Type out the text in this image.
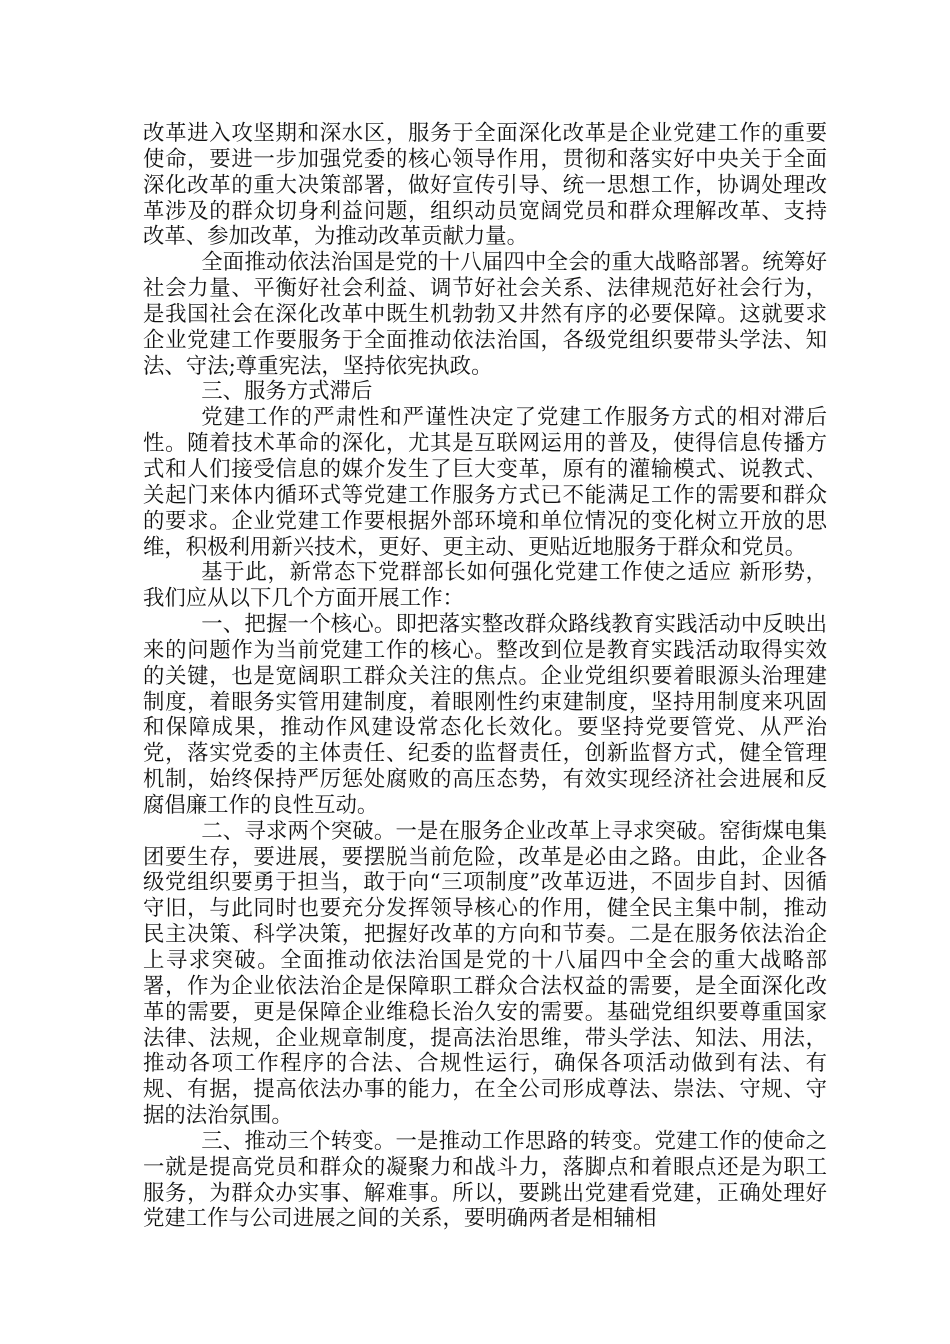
改革进入攻坚期和深水区，服务于全面深化改革是企业党建工作的重要使命，要进一步加强党委的核心领导作用，贯彻和落实好中央关于全面深化改革的重大决策部署，做好宣传引导、统一思想工作，协调处理改革涉及的群众切身利益问题，组织动员宽阔党员和群众理解改革、支持改革、参加改革，为推动改革贡献力量。

全面推动依法治国是党的十八届四中全会的重大战略部署。统筹好社会力量、平衡好社会利益、调节好社会关系、法律规范好社会行为，是我国社会在深化改革中既生机勃勃又井然有序的必要保障。这就要求企业党建工作要服务于全面推动依法治国，各级党组织要带头学法、知法、守法;尊重宪法，坚持依宪执政。

三、服务方式滞后

党建工作的严肃性和严谨性决定了党建工作服务方式的相对滞后性。随着技术革命的深化，尤其是互联网运用的普及，使得信息传播方式和人们接受信息的媒介发生了巨大变革，原有的灌输模式、说教式、关起门来体内循环式等党建工作服务方式已不能满足工作的需要和群众的要求。企业党建工作要根据外部环境和单位情况的变化树立开放的思维，积极利用新兴技术，更好、更主动、更贴近地服务于群众和党员。

基于此，新常态下党群部长如何强化党建工作使之适应 新形势，我们应从以下几个方面开展工作：

一、把握一个核心。即把落实整改群众路线教育实践活动中反映出来的问题作为当前党建工作的核心。整改到位是教育实践活动取得实效的关键，也是宽阔职工群众关注的焦点。企业党组织要着眼源头治理建制度，着眼务实管用建制度，着眼刚性约束建制度，坚持用制度来巩固和保障成果，推动作风建设常态化长效化。要坚持党要管党、从严治党，落实党委的主体责任、纪委的监督责任，创新监督方式，健全管理机制，始终保持严厉惩处腐败的高压态势，有效实现经济社会进展和反腐倡廉工作的良性互动。

二、寻求两个突破。一是在服务企业改革上寻求突破。窑街煤电集团要生存，要进展，要摆脱当前危险，改革是必由之路。由此，企业各级党组织要勇于担当，敢于向“三项制度”改革迈进，不固步自封、因循守旧，与此同时也要充分发挥领导核心的作用，健全民主集中制，推动民主决策、科学决策，把握好改革的方向和节奏。二是在服务依法治企上寻求突破。全面推动依法治国是党的十八届四中全会的重大战略部署，作为企业依法治企是保障职工群众合法权益的需要，是全面深化改革的需要，更是保障企业维稳长治久安的需要。基础党组织要尊重国家法律、法规，企业规章制度，提高法治思维，带头学法、知法、用法，推动各项工作程序的合法、合规性运行，确保各项活动做到有法、有规、有据，提高依法办事的能力，在全公司形成尊法、崇法、守规、守据的法治氛围。

三、推动三个转变。一是推动工作思路的转变。党建工作的使命之一就是提高党员和群众的凝聚力和战斗力，落脚点和着眼点还是为职工服务，为群众办实事、解难事。所以，要跳出党建看党建，正确处理好党建工作与公司进展之间的关系，要明确两者是相辅相
